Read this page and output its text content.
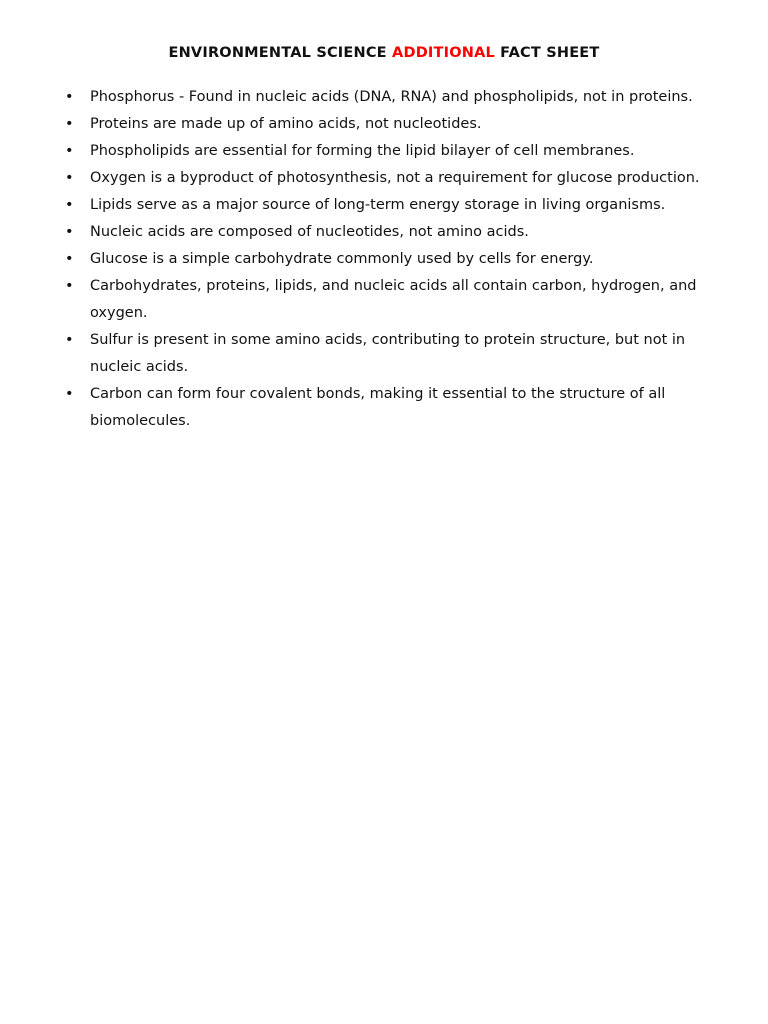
ENVIRONMENTAL SCIENCE ADDITIONAL FACT SHEET
• Phosphorus - Found in nucleic acids (DNA, RNA) and phospholipids, not in proteins.
• Proteins are made up of amino acids, not nucleotides.
• Phospholipids are essential for forming the lipid bilayer of cell membranes.
• Oxygen is a byproduct of photosynthesis, not a requirement for glucose production.
• Lipids serve as a major source of long-term energy storage in living organisms.
• Nucleic acids are composed of nucleotides, not amino acids.
• Glucose is a simple carbohydrate commonly used by cells for energy.
• Carbohydrates, proteins, lipids, and nucleic acids all contain carbon, hydrogen, and oxygen.
• Sulfur is present in some amino acids, contributing to protein structure, but not in nucleic acids.
• Carbon can form four covalent bonds, making it essential to the structure of all biomolecules.
